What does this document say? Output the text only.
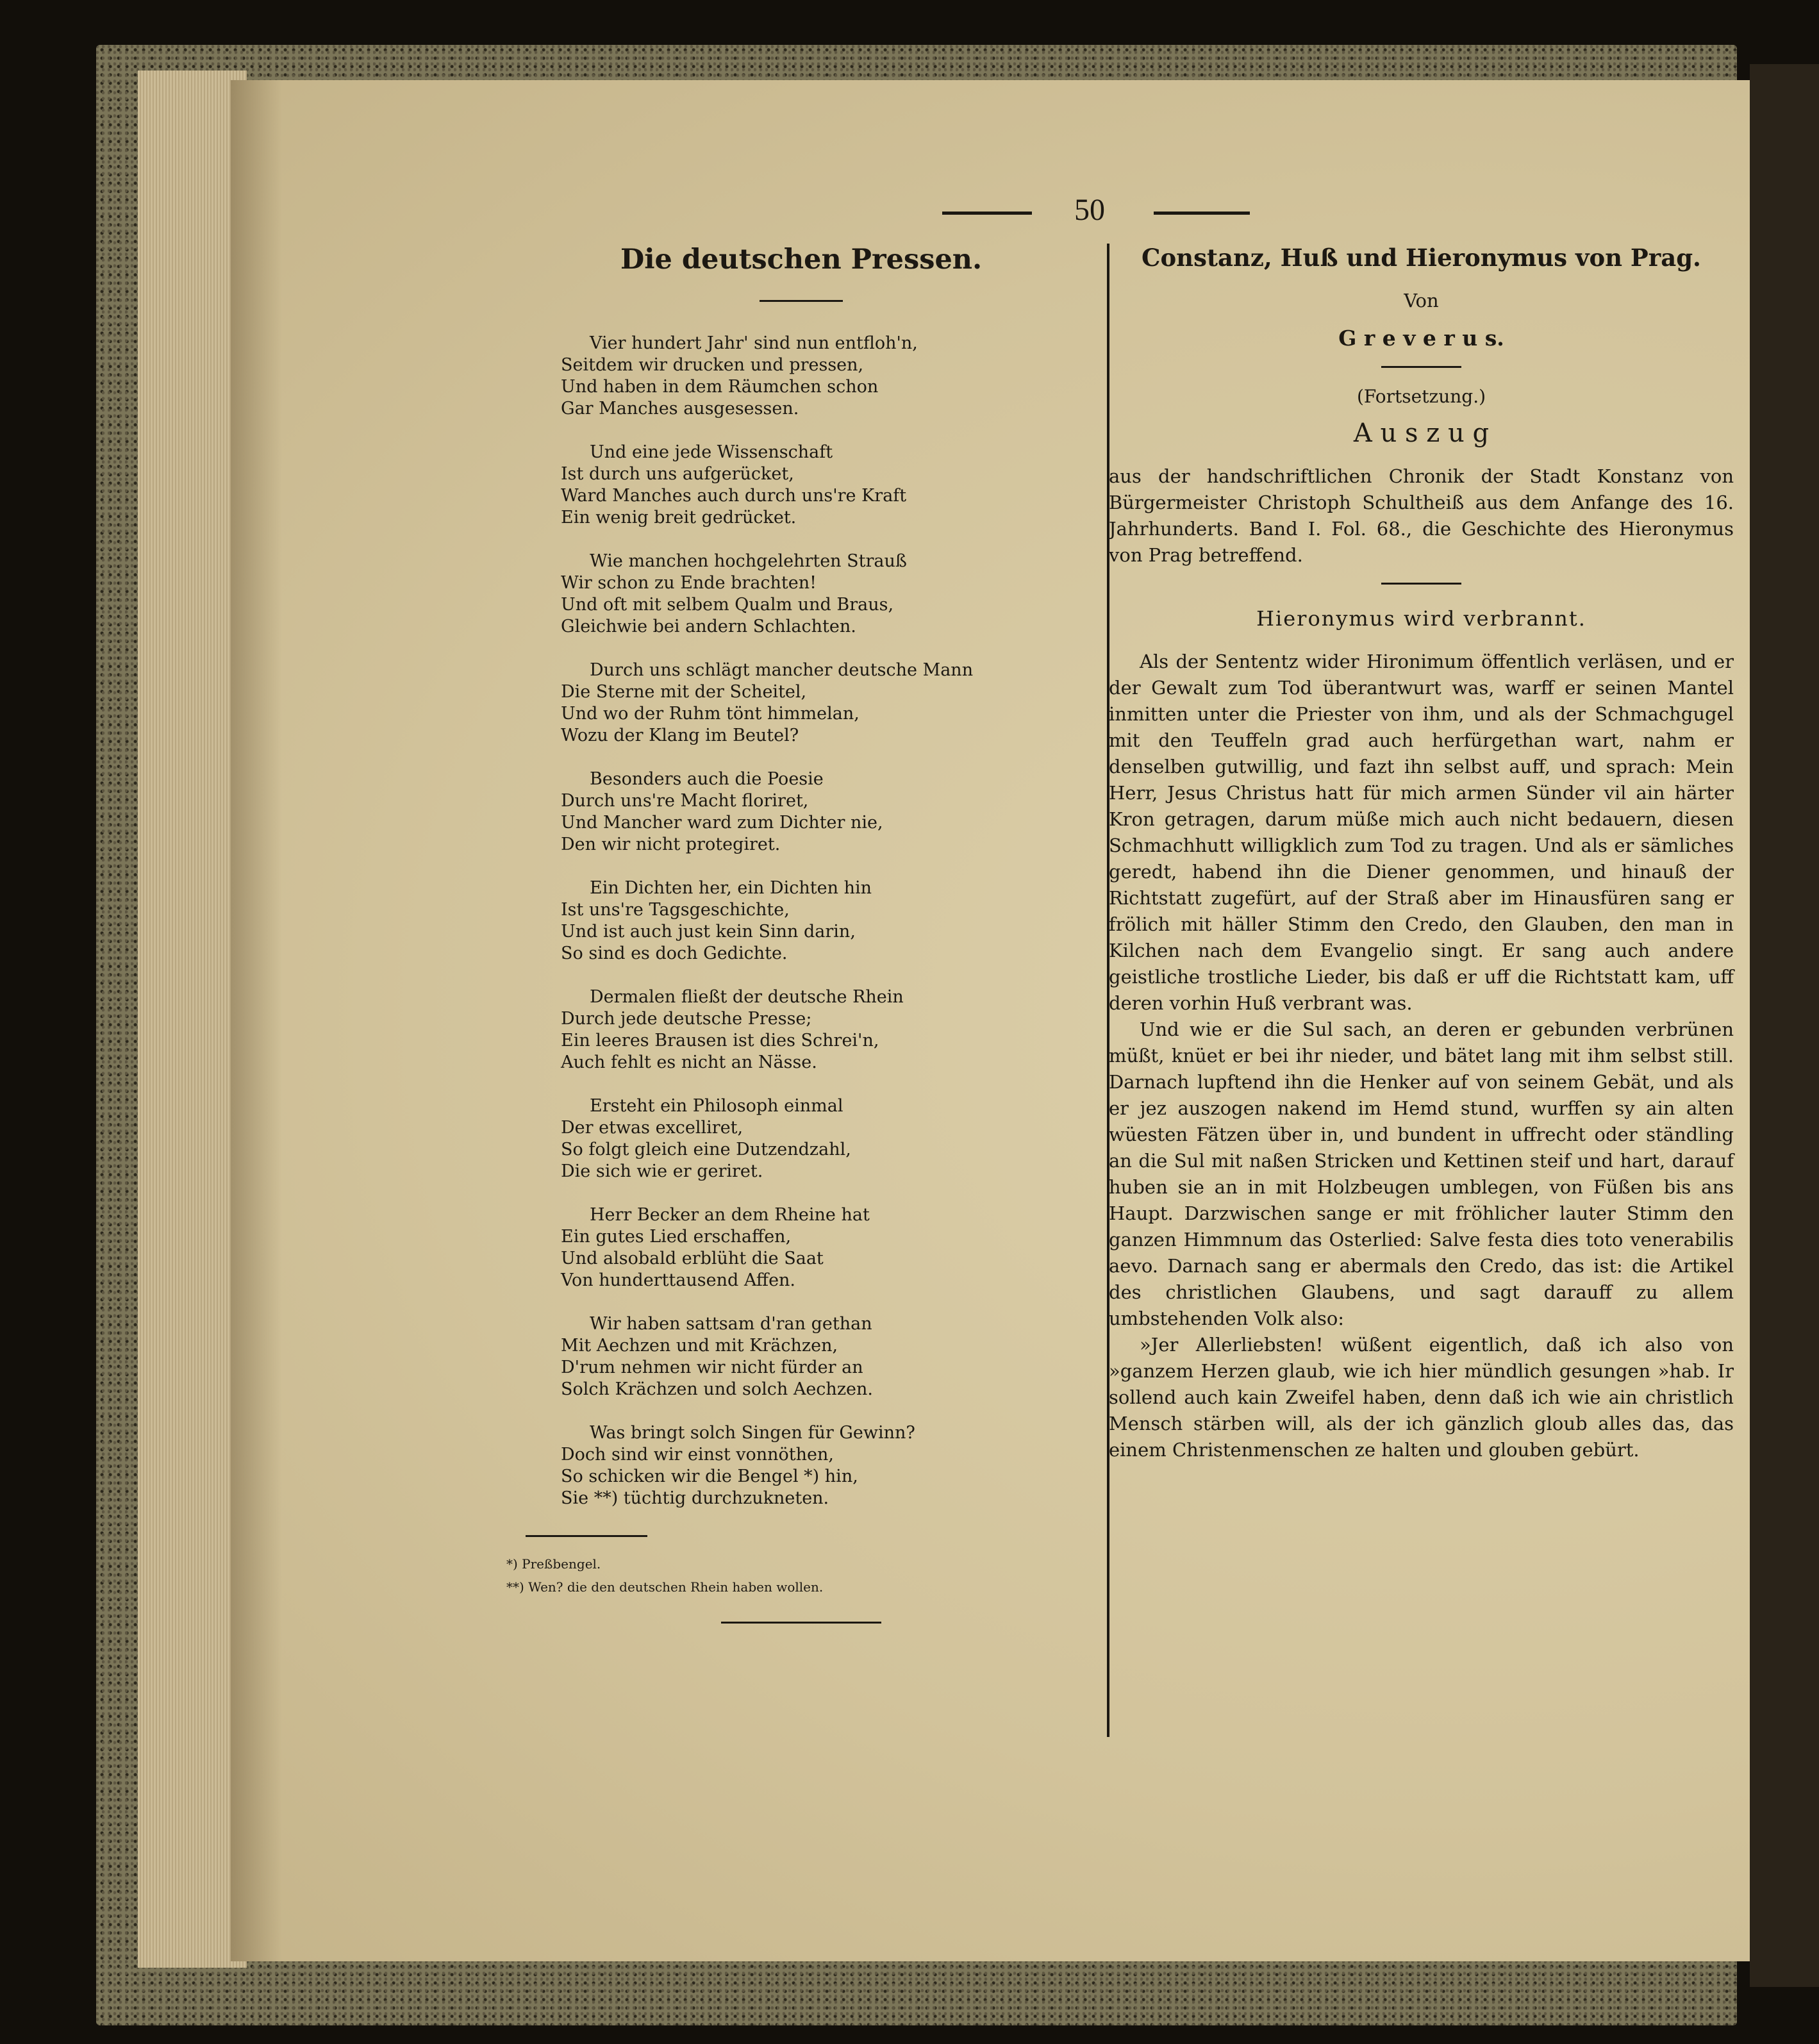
50
Die deutschen Pressen.

Vier hundert Jahr' sind nun entfloh'n,

Seitdem wir drucken und pressen,

Und haben in dem Räumchen schon

Gar Manches ausgesessen.

Und eine jede Wissenschaft

Ist durch uns aufgerücket,

Ward Manches auch durch uns're Kraft

Ein wenig breit gedrücket.

Wie manchen hochgelehrten Strauß

Wir schon zu Ende brachten!

Und oft mit selbem Qualm und Braus,

Gleichwie bei andern Schlachten.

Durch uns schlägt mancher deutsche Mann

Die Sterne mit der Scheitel,

Und wo der Ruhm tönt himmelan,

Wozu der Klang im Beutel?

Besonders auch die Poesie

Durch uns're Macht floriret,

Und Mancher ward zum Dichter nie,

Den wir nicht protegiret.

Ein Dichten her, ein Dichten hin

Ist uns're Tagsgeschichte,

Und ist auch just kein Sinn darin,

So sind es doch Gedichte.

Dermalen fließt der deutsche Rhein

Durch jede deutsche Presse;

Ein leeres Brausen ist dies Schrei'n,

Auch fehlt es nicht an Nässe.

Ersteht ein Philosoph einmal

Der etwas excelliret,

So folgt gleich eine Dutzendzahl,

Die sich wie er geriret.

Herr Becker an dem Rheine hat

Ein gutes Lied erschaffen,

Und alsobald erblüht die Saat

Von hunderttausend Affen.

Wir haben sattsam d'ran gethan

Mit Aechzen und mit Krächzen,

D'rum nehmen wir nicht fürder an

Solch Krächzen und solch Aechzen.

Was bringt solch Singen für Gewinn?

Doch sind wir einst vonnöthen,

So schicken wir die Bengel *) hin,

Sie **) tüchtig durchzukneten.

*) Preßbengel.
**) Wen? die den deutschen Rhein haben wollen.
Constanz, Huß und Hieronymus von Prag.
Von
G r e v e r u s.
(Fortsetzung.)
A u s z u g
aus der handschriftlichen Chronik der Stadt Konstanz von Bürgermeister Christoph Schultheiß aus dem Anfange des 16. Jahrhunderts. Band I. Fol. 68., die Geschichte des Hieronymus von Prag betreffend.
Hieronymus wird verbrannt.

Als der Sententz wider Hironimum öffentlich verläsen, und er der Gewalt zum Tod überantwurt was, warff er seinen Mantel inmitten unter die Priester von ihm, und als der Schmachgugel mit den Teuffeln grad auch herfürgethan wart, nahm er denselben gutwillig, und fazt ihn selbst auff, und sprach: Mein Herr, Jesus Christus hatt für mich armen Sünder vil ain härter Kron getragen, darum müße mich auch nicht bedauern, diesen Schmachhutt willigklich zum Tod zu tragen. Und als er sämliches geredt, habend ihn die Diener genommen, und hinauß der Richtstatt zugefürt, auf der Straß aber im Hinausfüren sang er frölich mit häller Stimm den Credo, den Glauben, den man in Kilchen nach dem Evangelio singt. Er sang auch andere geistliche trostliche Lieder, bis daß er uff die Richtstatt kam, uff deren vorhin Huß verbrant was.

Und wie er die Sul sach, an deren er gebunden verbrünen müßt, knüet er bei ihr nieder, und bätet lang mit ihm selbst still. Darnach lupftend ihn die Henker auf von seinem Gebät, und als er jez auszogen nakend im Hemd stund, wurffen sy ain alten wüesten Fätzen über in, und bundent in uffrecht oder ständling an die Sul mit naßen Stricken und Kettinen steif und hart, darauf huben sie an in mit Holzbeugen umblegen, von Füßen bis ans Haupt. Darzwischen sange er mit fröhlicher lauter Stimm den ganzen Himmnum das Osterlied: Salve festa dies toto venerabilis aevo. Darnach sang er abermals den Credo, das ist: die Artikel des christlichen Glaubens, und sagt darauff zu allem umbstehenden Volk also:

»Jer Allerliebsten! wüßent eigentlich, daß ich also von »ganzem Herzen glaub, wie ich hier mündlich gesungen »hab. Ir sollend auch kain Zweifel haben, denn daß ich wie ain christlich Mensch stärben will, als der ich gänzlich gloub alles das, das einem Christenmenschen ze halten und glouben gebürt.
